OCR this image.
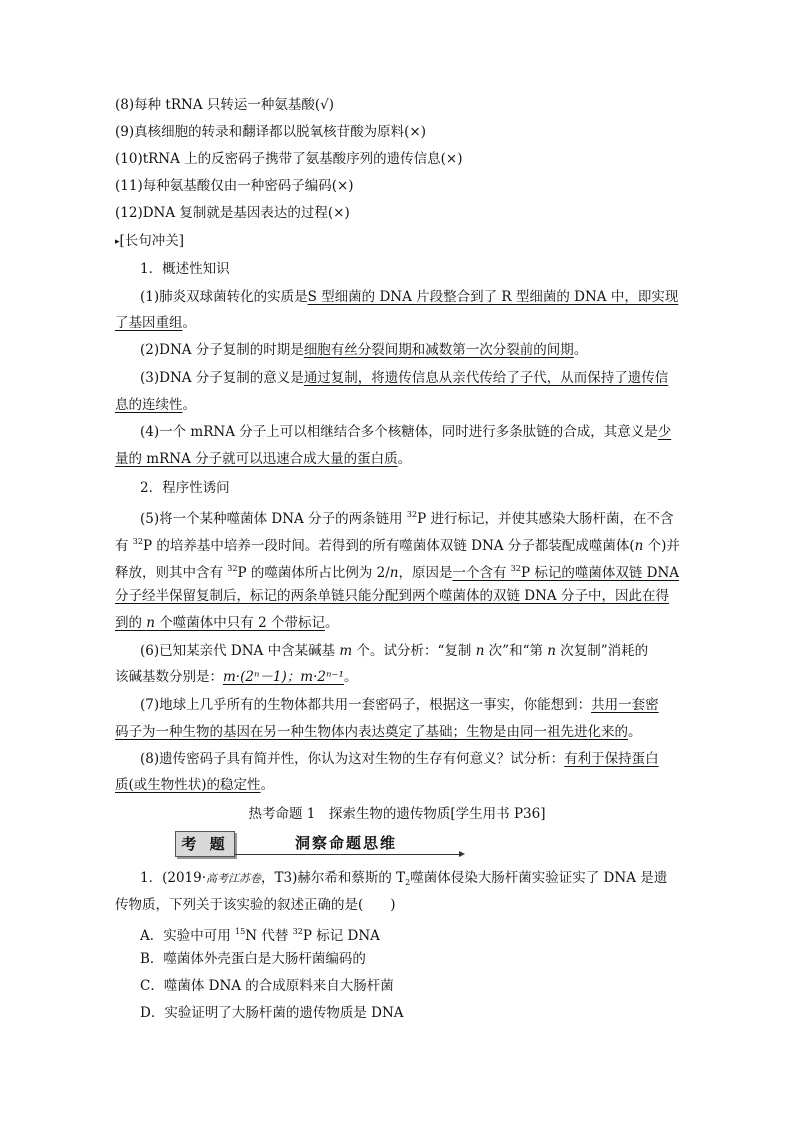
(8)每种 tRNA 只转运一种氨基酸(√)
(9)真核细胞的转录和翻译都以脱氧核苷酸为原料(×)
(10)tRNA 上的反密码子携带了氨基酸序列的遗传信息(×)
(11)每种氨基酸仅由一种密码子编码(×)
(12)DNA 复制就是基因表达的过程(×)
▸[长句冲关]
1．概述性知识
(1)肺炎双球菌转化的实质是S 型细菌的 DNA 片段整合到了 R 型细菌的 DNA 中，即实现
了基因重组。
(2)DNA 分子复制的时期是细胞有丝分裂间期和减数第一次分裂前的间期。
(3)DNA 分子复制的意义是通过复制，将遗传信息从亲代传给了子代，从而保持了遗传信
息的连续性。
(4)一个 mRNA 分子上可以相继结合多个核糖体，同时进行多条肽链的合成，其意义是少
量的 mRNA 分子就可以迅速合成大量的蛋白质。
2．程序性诱问
(5)将一个某种噬菌体 DNA 分子的两条链用 $^{32}$P 进行标记，并使其感染大肠杆菌，在不含
有 $^{32}$P 的培养基中培养一段时间。若得到的所有噬菌体双链 DNA 分子都装配成噬菌体(n 个)并
释放，则其中含有 $^{32}$P 的噬菌体所占比例为 2/n，原因是一个含有 $^{32}$P 标记的噬菌体双链 DNA
分子经半保留复制后，标记的两条单链只能分配到两个噬菌体的双链 DNA 分子中，因此在得
到的 n 个噬菌体中只有 2 个带标记。
(6)已知某亲代 DNA 中含某碱基 m 个。试分析：“复制 n 次”和“第 n 次复制”消耗的
该碱基数分别是：m·(2ⁿ－1)；m·2ⁿ⁻¹。
(7)地球上几乎所有的生物体都共用一套密码子，根据这一事实，你能想到：共用一套密
码子为一种生物的基因在另一种生物体内表达奠定了基础；生物是由同一祖先进化来的。
(8)遗传密码子具有简并性，你认为这对生物的生存有何意义？试分析：有利于保持蛋白
质(或生物性状)的稳定性。
热考命题 1　探索生物的遗传物质[学生用书 P36]
考 题	洞察命题思维
1．(2019·高考江苏卷，T3)赫尔希和蔡斯的 $T_2$噬菌体侵染大肠杆菌实验证实了 DNA 是遗
传物质，下列关于该实验的叙述正确的是(　　)
A．实验中可用 $^{15}$N 代替 $^{32}$P 标记 DNA
B．噬菌体外壳蛋白是大肠杆菌编码的
C．噬菌体 DNA 的合成原料来自大肠杆菌
D．实验证明了大肠杆菌的遗传物质是 DNA
